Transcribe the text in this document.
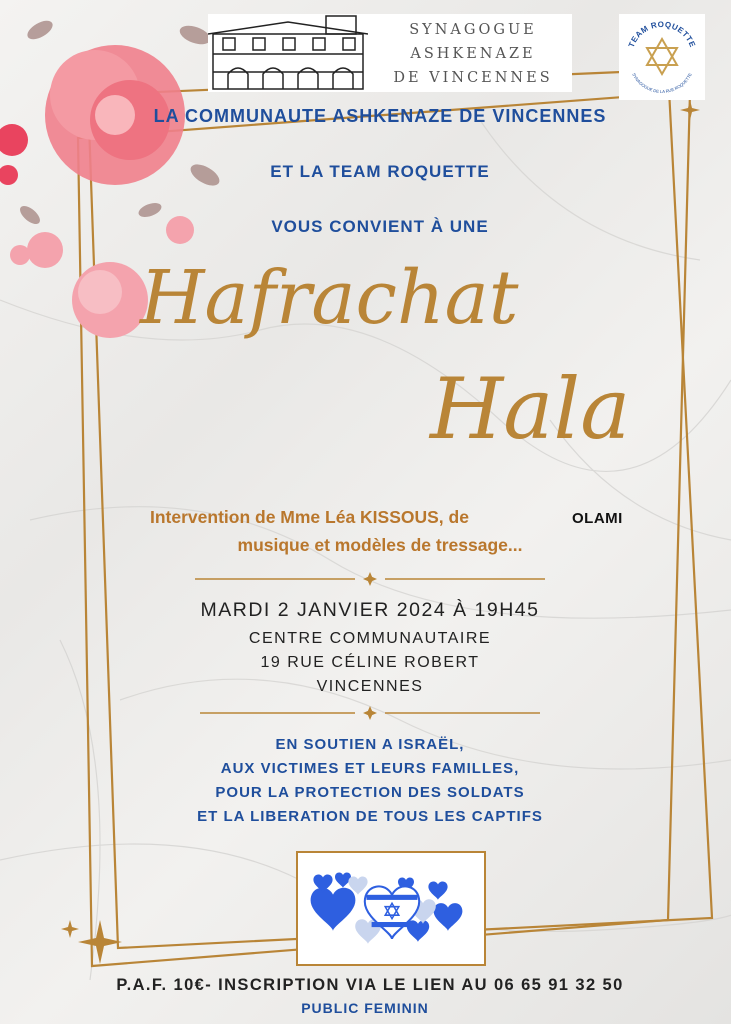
SYNAGOGUE
ASHKENAZE
DE VINCENNES
TEAM ROQUETTE
SYNAGOGUE DE LA RUE ROQUETTE
LA COMMUNAUTE ASHKENAZE DE VINCENNES
ET LA TEAM ROQUETTE
VOUS CONVIENT À UNE
Hafrachat
Hala
Intervention de Mme Léa KISSOUS, de	OLAMI
musique et modèles de tressage...
MARDI 2 JANVIER 2024 À 19H45
CENTRE COMMUNAUTAIRE
19 RUE CÉLINE ROBERT
VINCENNES
EN SOUTIEN A ISRAËL,
AUX VICTIMES ET LEURS FAMILLES,
POUR LA PROTECTION DES SOLDATS
ET LA LIBERATION DE TOUS LES CAPTIFS
P.A.F. 10€- INSCRIPTION VIA LE LIEN AU 06 65 91 32 50
PUBLIC FEMININ
